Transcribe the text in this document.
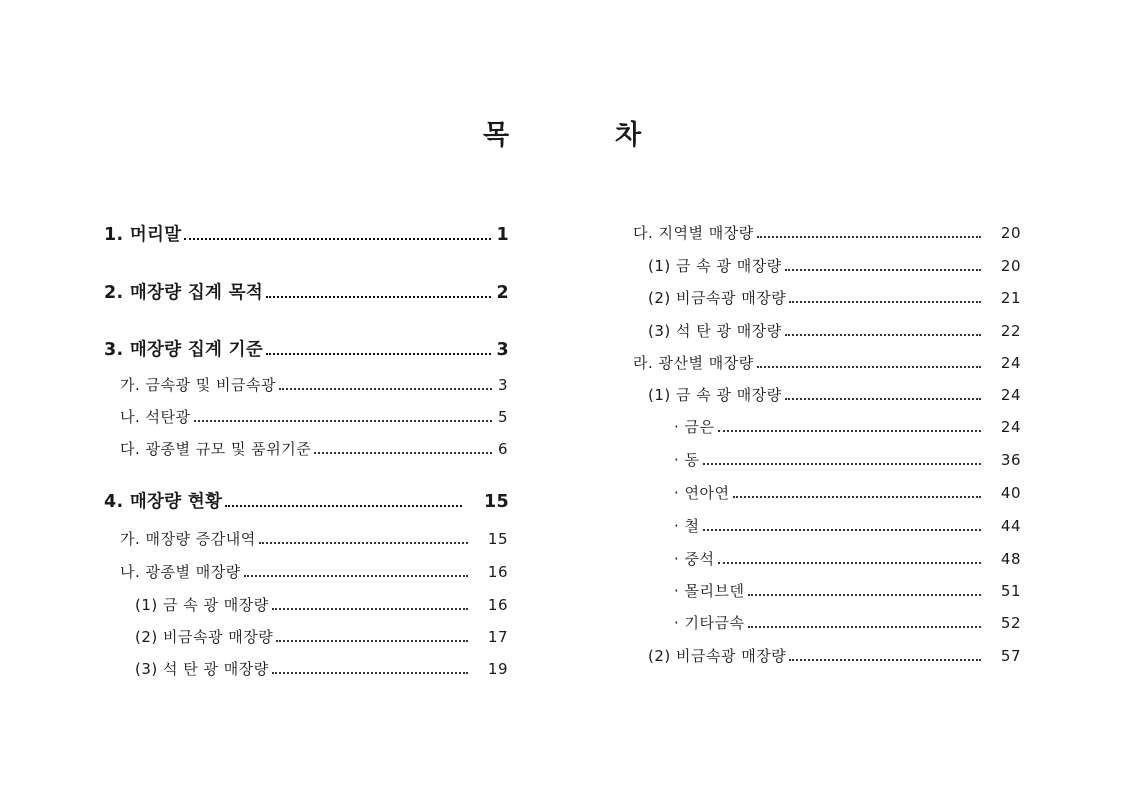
목	차
1. 머리말	1
2. 매장량 집계 목적	2
3. 매장량 집계 기준	3
가. 금속광 및 비금속광	3
나. 석탄광	5
다. 광종별 규모 및 품위기준	6
4. 매장량 현황	15
가. 매장량 증감내역	15
나. 광종별 매장량	16
(1) 금 속 광 매장량	16
(2) 비금속광 매장량	17
(3) 석 탄 광 매장량	19
다. 지역별 매장량	20
(1) 금 속 광 매장량	20
(2) 비금속광 매장량	21
(3) 석 탄 광 매장량	22
라. 광산별 매장량	24
(1) 금 속 광 매장량	24
· 금은	24
· 동	36
· 연아연	40
· 철	44
· 중석	48
· 몰리브덴	51
· 기타금속	52
(2) 비금속광 매장량	57
